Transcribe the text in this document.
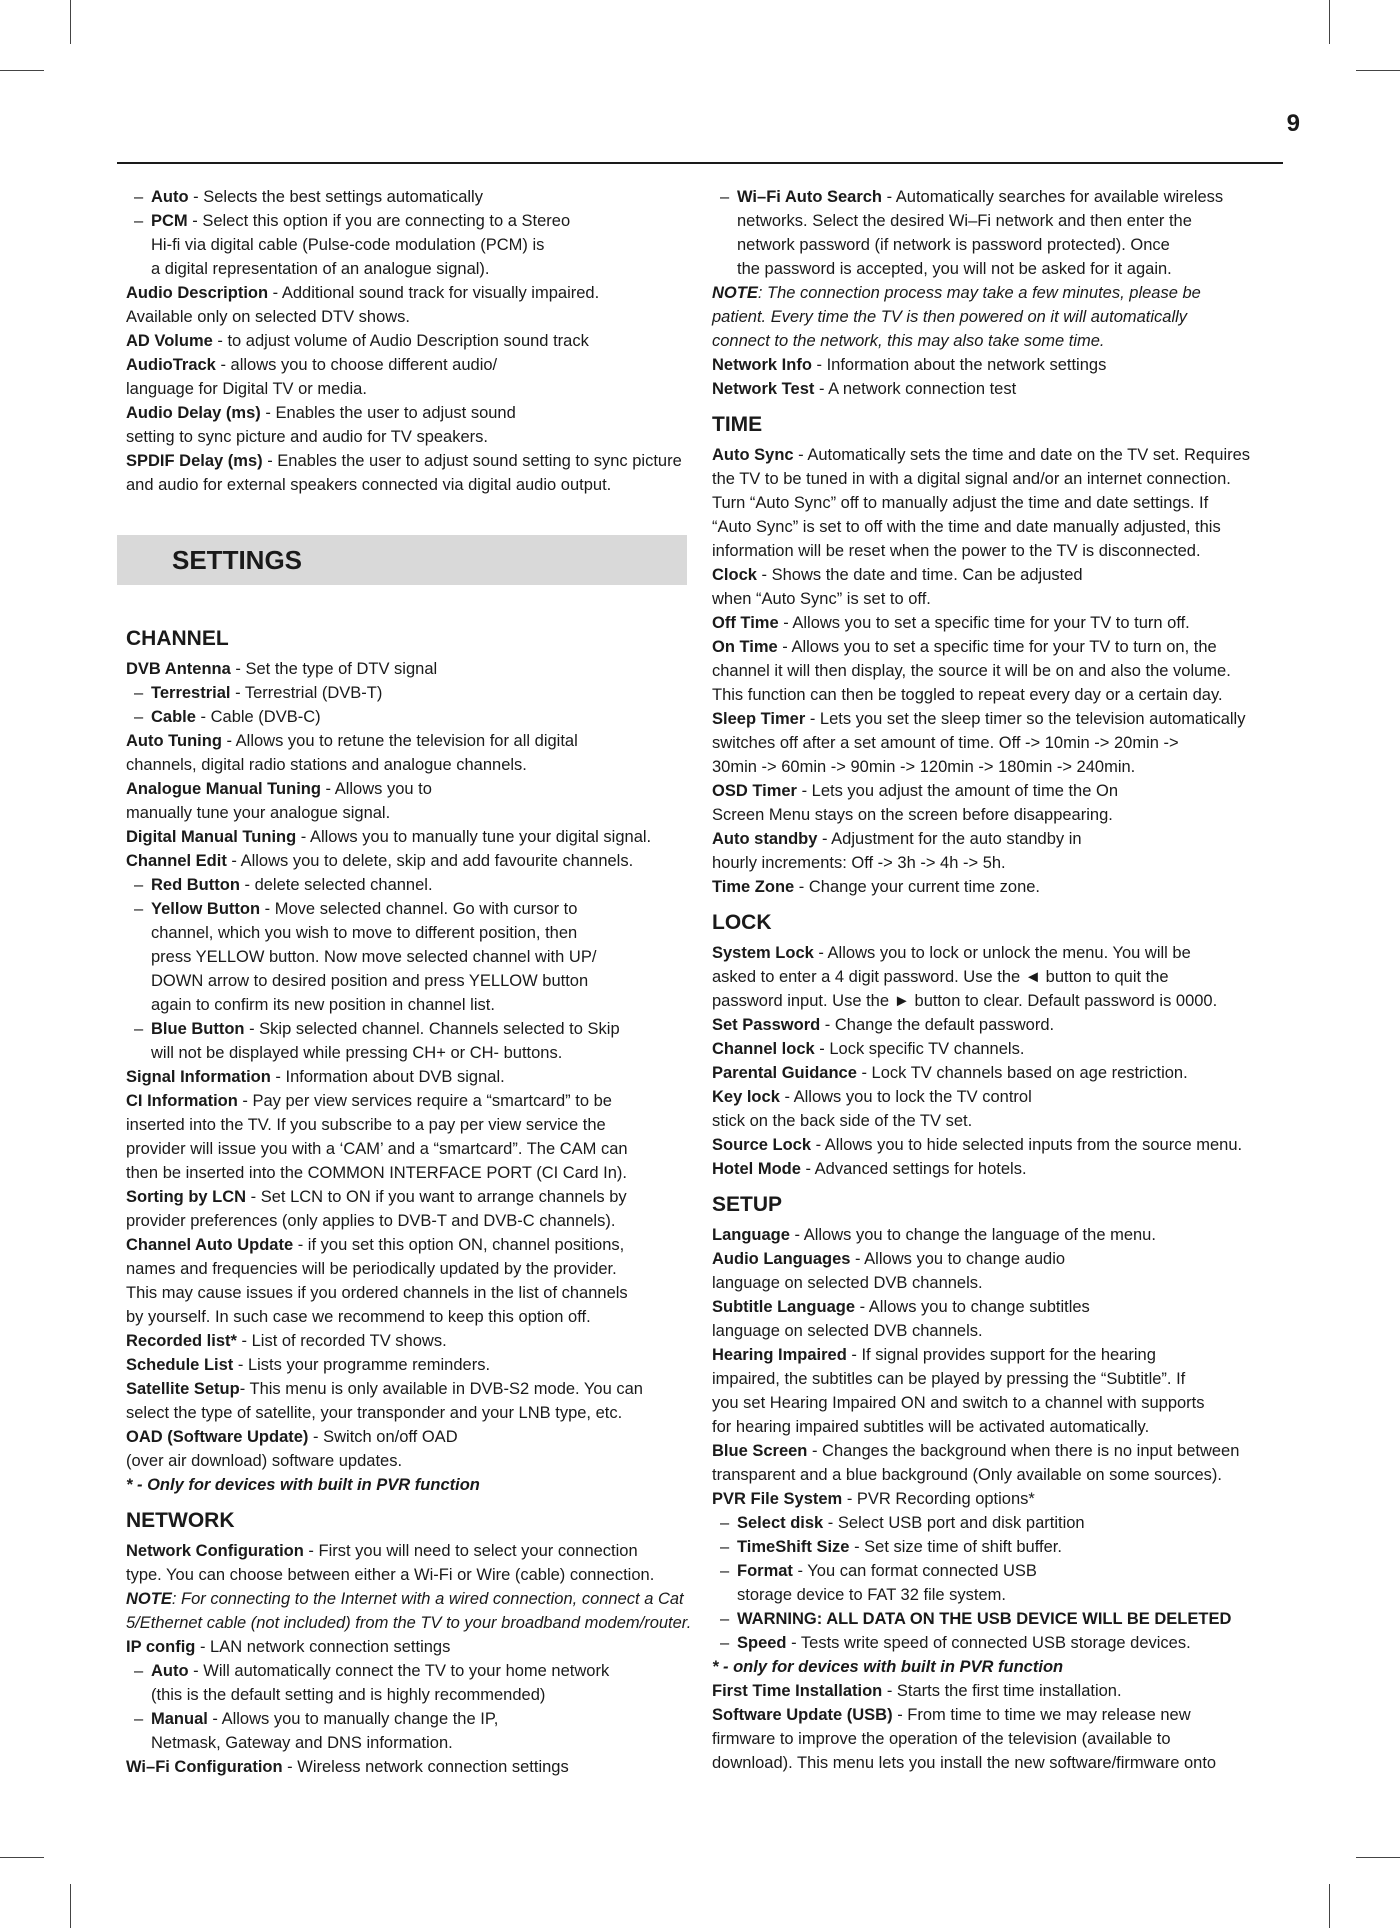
9

– Auto - Selects the best settings automatically

– PCM - Select this option if you are connecting to a Stereo

Hi-fi via digital cable (Pulse-code modulation (PCM) is

a digital representation of an analogue signal).

Audio Description - Additional sound track for visually impaired.

Available only on selected DTV shows.

AD Volume - to adjust volume of Audio Description sound track

AudioTrack - allows you to choose different audio/

language for Digital TV or media.

Audio Delay (ms) - Enables the user to adjust sound

setting to sync picture and audio for TV speakers.

SPDIF Delay (ms) - Enables the user to adjust sound setting to sync picture

and audio for external speakers connected via digital audio output.

SETTINGS
CHANNEL

DVB Antenna - Set the type of DTV signal

– Terrestrial - Terrestrial (DVB-T)

– Cable - Cable (DVB-C)

Auto Tuning - Allows you to retune the television for all digital

channels, digital radio stations and analogue channels.

Analogue Manual Tuning - Allows you to

manually tune your analogue signal.

Digital Manual Tuning - Allows you to manually tune your digital signal.

Channel Edit - Allows you to delete, skip and add favourite channels.

– Red Button - delete selected channel.

– Yellow Button - Move selected channel. Go with cursor to

channel, which you wish to move to different position, then

press YELLOW button. Now move selected channel with UP/

DOWN arrow to desired position and press YELLOW button

again to confirm its new position in channel list.

– Blue Button - Skip selected channel. Channels selected to Skip

will not be displayed while pressing CH+ or CH- buttons.

Signal Information - Information about DVB signal.

CI Information - Pay per view services require a “smartcard” to be

inserted into the TV. If you subscribe to a pay per view service the

provider will issue you with a ‘CAM’ and a “smartcard”. The CAM can

then be inserted into the COMMON INTERFACE PORT (CI Card In).

Sorting by LCN - Set LCN to ON if you want to arrange channels by

provider preferences (only applies to DVB-T and DVB-C channels).

Channel Auto Update - if you set this option ON, channel positions,

names and frequencies will be periodically updated by the provider.

This may cause issues if you ordered channels in the list of channels

by yourself. In such case we recommend to keep this option off.

Recorded list* - List of recorded TV shows.

Schedule List - Lists your programme reminders.

Satellite Setup- This menu is only available in DVB-S2 mode. You can

select the type of satellite, your transponder and your LNB type, etc.

OAD (Software Update) - Switch on/off OAD

(over air download) software updates.

* - Only for devices with built in PVR function

NETWORK

Network Configuration - First you will need to select your connection

type. You can choose between either a Wi-Fi or Wire (cable) connection.

NOTE: For connecting to the Internet with a wired connection, connect a Cat

5/Ethernet cable (not included) from the TV to your broadband modem/router.

IP config - LAN network connection settings

– Auto - Will automatically connect the TV to your home network

(this is the default setting and is highly recommended)

– Manual - Allows you to manually change the IP,

Netmask, Gateway and DNS information.

Wi–Fi Configuration - Wireless network connection settings

– Wi–Fi Auto Search - Automatically searches for available wireless

networks. Select the desired Wi–Fi network and then enter the

network password (if network is password protected). Once

the password is accepted, you will not be asked for it again.

NOTE: The connection process may take a few minutes, please be

patient. Every time the TV is then powered on it will automatically

connect to the network, this may also take some time.

Network Info - Information about the network settings

Network Test - A network connection test

TIME

Auto Sync - Automatically sets the time and date on the TV set. Requires

the TV to be tuned in with a digital signal and/or an internet connection.

Turn “Auto Sync” off to manually adjust the time and date settings. If

“Auto Sync” is set to off with the time and date manually adjusted, this

information will be reset when the power to the TV is disconnected.

Clock - Shows the date and time. Can be adjusted

when “Auto Sync” is set to off.

Off Time - Allows you to set a specific time for your TV to turn off.

On Time - Allows you to set a specific time for your TV to turn on, the

channel it will then display, the source it will be on and also the volume.

This function can then be toggled to repeat every day or a certain day.

Sleep Timer - Lets you set the sleep timer so the television automatically

switches off after a set amount of time. Off -> 10min -> 20min ->

30min -> 60min -> 90min -> 120min -> 180min -> 240min.

OSD Timer - Lets you adjust the amount of time the On

Screen Menu stays on the screen before disappearing.

Auto standby - Adjustment for the auto standby in

hourly increments: Off -> 3h -> 4h -> 5h.

Time Zone - Change your current time zone.

LOCK

System Lock - Allows you to lock or unlock the menu. You will be

asked to enter a 4 digit password. Use the ◄ button to quit the

password input. Use the ► button to clear. Default password is 0000.

Set Password - Change the default password.

Channel lock - Lock specific TV channels.

Parental Guidance - Lock TV channels based on age restriction.

Key lock - Allows you to lock the TV control

stick on the back side of the TV set.

Source Lock - Allows you to hide selected inputs from the source menu.

Hotel Mode - Advanced settings for hotels.

SETUP

Language - Allows you to change the language of the menu.

Audio Languages - Allows you to change audio

language on selected DVB channels.

Subtitle Language - Allows you to change subtitles

language on selected DVB channels.

Hearing Impaired - If signal provides support for the hearing

impaired, the subtitles can be played by pressing the “Subtitle”. If

you set Hearing Impaired ON and switch to a channel with supports

for hearing impaired subtitles will be activated automatically.

Blue Screen - Changes the background when there is no input between

transparent and a blue background (Only available on some sources).

PVR File System - PVR Recording options*

– Select disk - Select USB port and disk partition

– TimeShift Size - Set size time of shift buffer.

– Format - You can format connected USB

storage device to FAT 32 file system.

– WARNING: ALL DATA ON THE USB DEVICE WILL BE DELETED

– Speed - Tests write speed of connected USB storage devices.

* - only for devices with built in PVR function

First Time Installation - Starts the first time installation.

Software Update (USB) - From time to time we may release new

firmware to improve the operation of the television (available to

download). This menu lets you install the new software/firmware onto
